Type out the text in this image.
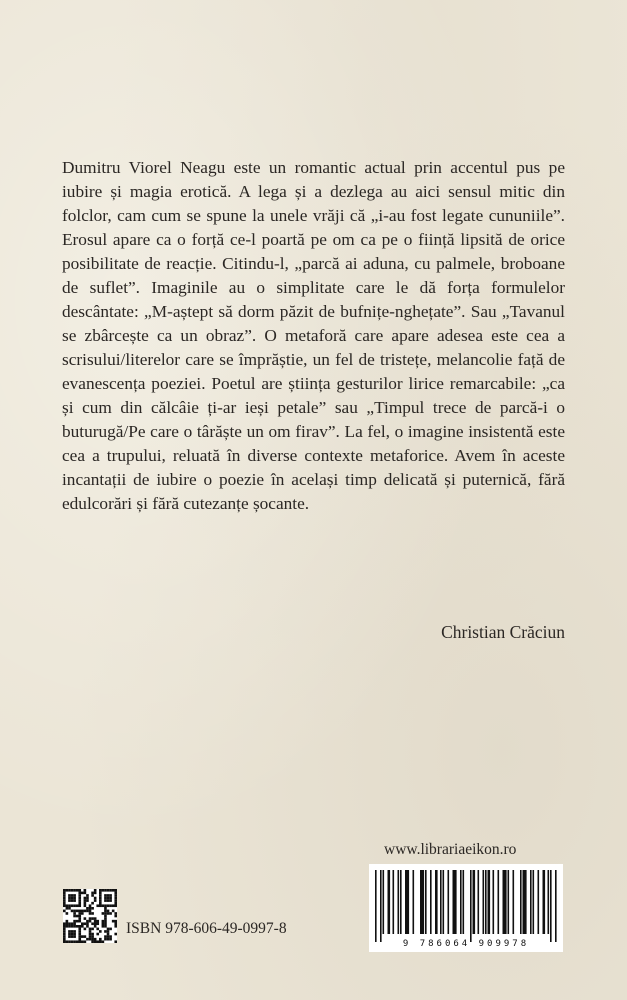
Dumitru Viorel Neagu este un romantic actual prin accentul pus pe iubire și magia erotică. A lega și a dezlega au aici sensul mitic din folclor, cam cum se spune la unele vrăji că „i-au fost legate cununiile”. Erosul apare ca o forță ce-l poartă pe om ca pe o ființă lipsită de orice posibilitate de reacție. Citindu-l, „parcă ai aduna, cu palmele, broboane de suflet”. Imaginile au o simplitate care le dă forța formulelor descântate: „M-aștept să dorm păzit de bufnițe-nghețate”. Sau „Tavanul se zbârcește ca un obraz”. O metaforă care apare adesea este cea a scrisului/literelor care se împrăștie, un fel de tristețe, melancolie față de evanescența poeziei. Poetul are știința gesturilor lirice remarcabile: „ca și cum din călcâie ți-ar ieși petale” sau „Timpul trece de parcă-i o buturugă/Pe care o târăște un om firav”. La fel, o imagine insistentă este cea a trupului, reluată în diverse contexte metaforice. Avem în aceste incantații de iubire o poezie în același timp delicată și puternică, fără edulcorări și fără cutezanțe șocante.

Christian Crăciun

www.librariaeikon.ro
9 786064 909978
ISBN 978-606-49-0997-8
